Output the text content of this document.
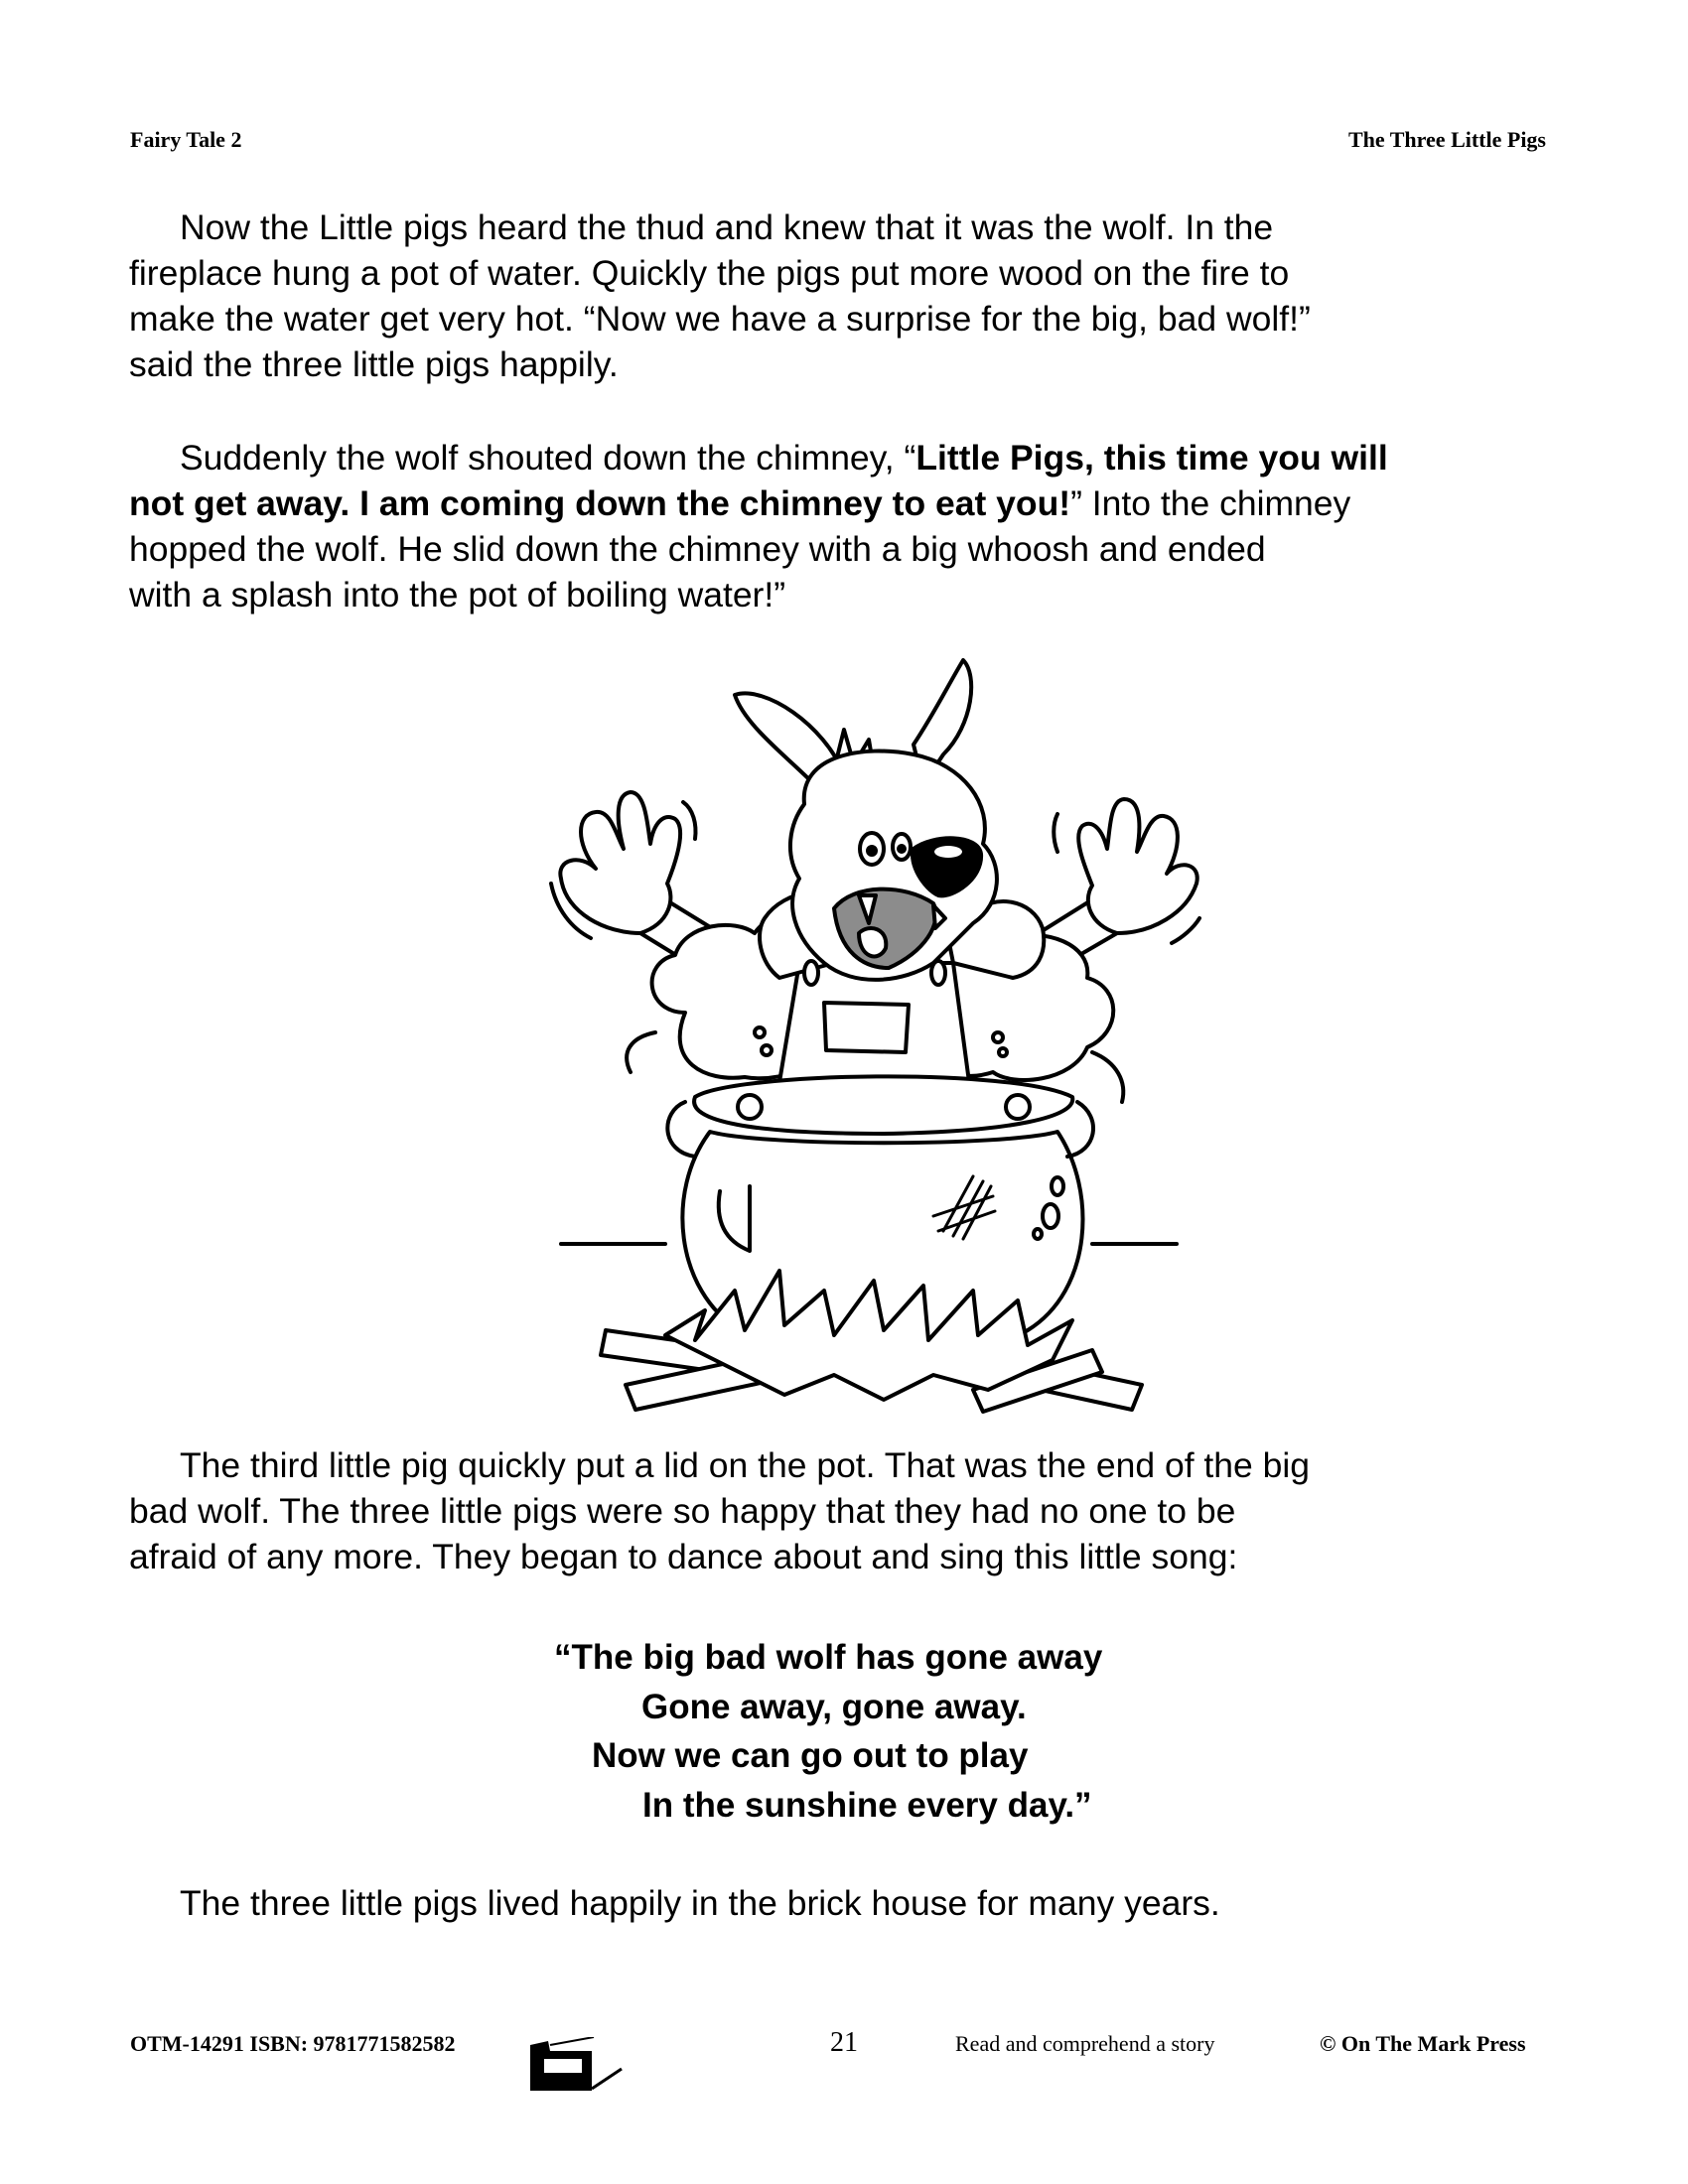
Fairy Tale 2	The Three Little Pigs
Now the Little pigs heard the thud and knew that it was the wolf. In the
fireplace hung a pot of water. Quickly the pigs put more wood on the fire to
make the water get very hot. “Now we have a surprise for the big, bad wolf!”
said the three little pigs happily.
Suddenly the wolf shouted down the chimney, “Little Pigs, this time you will
not get away. I am coming down the chimney to eat you!” Into the chimney
hopped the wolf. He slid down the chimney with a big whoosh and ended
with a splash into the pot of boiling water!”
The third little pig quickly put a lid on the pot. That was the end of the big
bad wolf. The three little pigs were so happy that they had no one to be
afraid of any more. They began to dance about and sing this little song:
“The big bad wolf has gone away
Gone away, gone away.
Now we can go out to play
In the sunshine every day.”
The three little pigs lived happily in the brick house for many years.
OTM-14291 ISBN: 9781771582582	21	Read and comprehend a story	© On The Mark Press
